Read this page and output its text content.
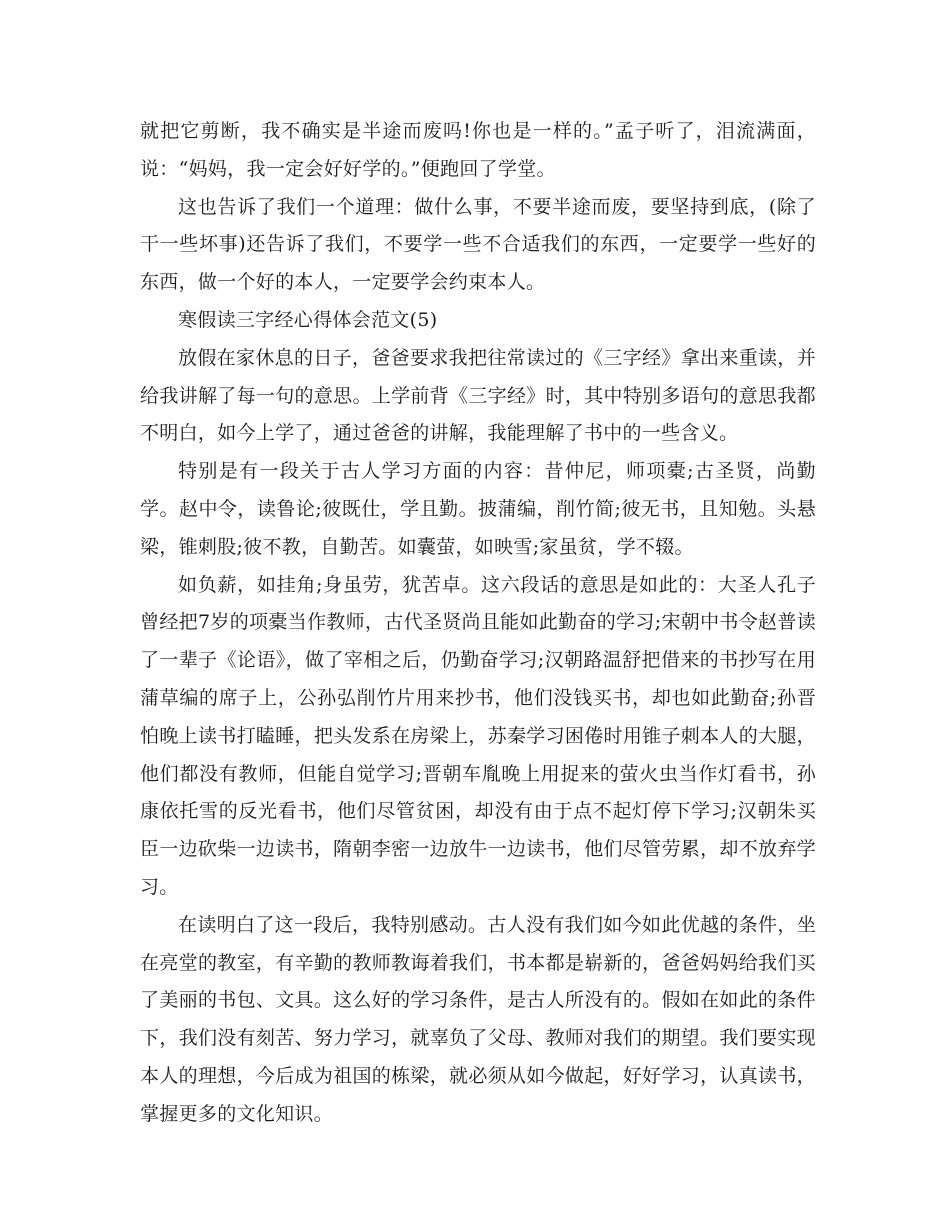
就把它剪断，我不确实是半途而废吗!你也是一样的。”孟子听了，泪流满面，说：“妈妈，我一定会好好学的。”便跑回了学堂。

这也告诉了我们一个道理：做什么事，不要半途而废，要坚持到底，(除了干一些坏事)还告诉了我们，不要学一些不合适我们的东西，一定要学一些好的东西，做一个好的本人，一定要学会约束本人。

寒假读三字经心得体会范文(5)

放假在家休息的日子，爸爸要求我把往常读过的《三字经》拿出来重读，并给我讲解了每一句的意思。上学前背《三字经》时，其中特别多语句的意思我都不明白，如今上学了，通过爸爸的讲解，我能理解了书中的一些含义。

特别是有一段关于古人学习方面的内容：昔仲尼，师项橐;古圣贤，尚勤学。赵中令，读鲁论;彼既仕，学且勤。披蒲编，削竹简;彼无书，且知勉。头悬梁，锥刺股;彼不教，自勤苦。如囊萤，如映雪;家虽贫，学不辍。

如负薪，如挂角;身虽劳，犹苦卓。这六段话的意思是如此的：大圣人孔子曾经把7岁的项橐当作教师，古代圣贤尚且能如此勤奋的学习;宋朝中书令赵普读了一辈子《论语》，做了宰相之后，仍勤奋学习;汉朝路温舒把借来的书抄写在用蒲草编的席子上，公孙弘削竹片用来抄书，他们没钱买书，却也如此勤奋;孙晋怕晚上读书打瞌睡，把头发系在房梁上，苏秦学习困倦时用锥子刺本人的大腿，他们都没有教师，但能自觉学习;晋朝车胤晚上用捉来的萤火虫当作灯看书，孙康依托雪的反光看书，他们尽管贫困，却没有由于点不起灯停下学习;汉朝朱买臣一边砍柴一边读书，隋朝李密一边放牛一边读书，他们尽管劳累，却不放弃学习。

在读明白了这一段后，我特别感动。古人没有我们如今如此优越的条件，坐在亮堂的教室，有辛勤的教师教诲着我们，书本都是崭新的，爸爸妈妈给我们买了美丽的书包、文具。这么好的学习条件，是古人所没有的。假如在如此的条件下，我们没有刻苦、努力学习，就辜负了父母、教师对我们的期望。我们要实现本人的理想，今后成为祖国的栋梁，就必须从如今做起，好好学习，认真读书，掌握更多的文化知识。
